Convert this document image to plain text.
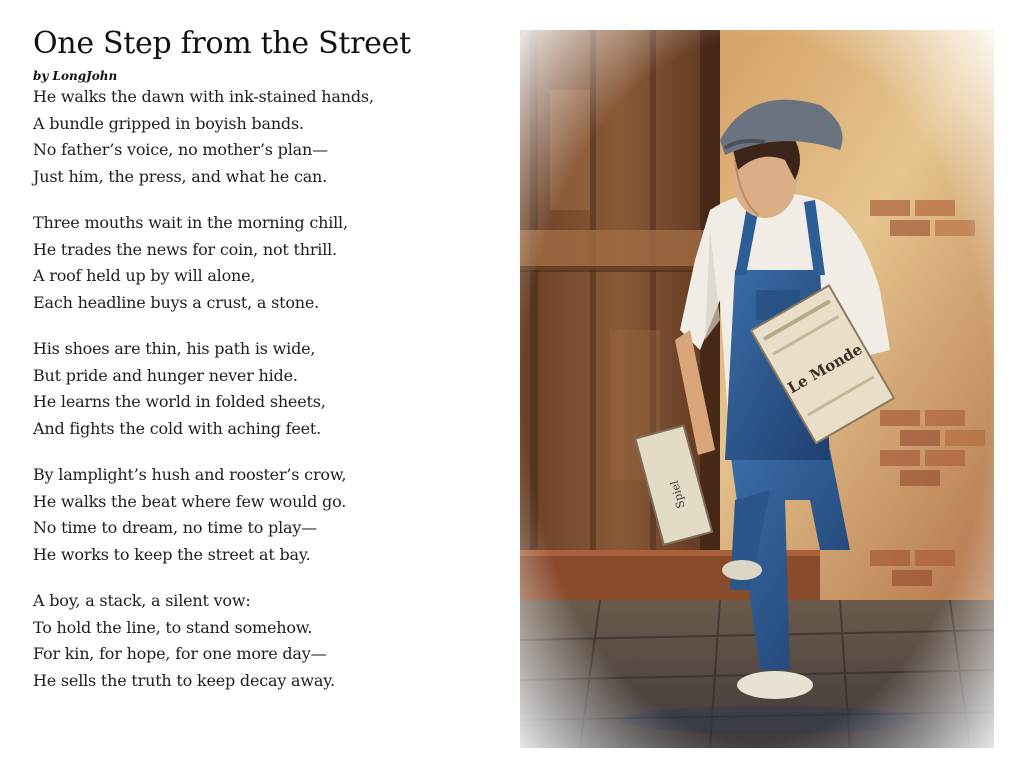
One Step from the Street
by LongJohn
He walks the dawn with ink-stained hands,
A bundle gripped in boyish bands.
No father’s voice, no mother’s plan—
Just him, the press, and what he can.
Three mouths wait in the morning chill,
He trades the news for coin, not thrill.
A roof held up by will alone,
Each headline buys a crust, a stone.
His shoes are thin, his path is wide,
But pride and hunger never hide.
He learns the world in folded sheets,
And fights the cold with aching feet.
By lamplight’s hush and rooster’s crow,
He walks the beat where few would go.
No time to dream, no time to play—
He works to keep the street at bay.
A boy, a stack, a silent vow:
To hold the line, to stand somehow.
For kin, for hope, for one more day—
He sells the truth to keep decay away.
